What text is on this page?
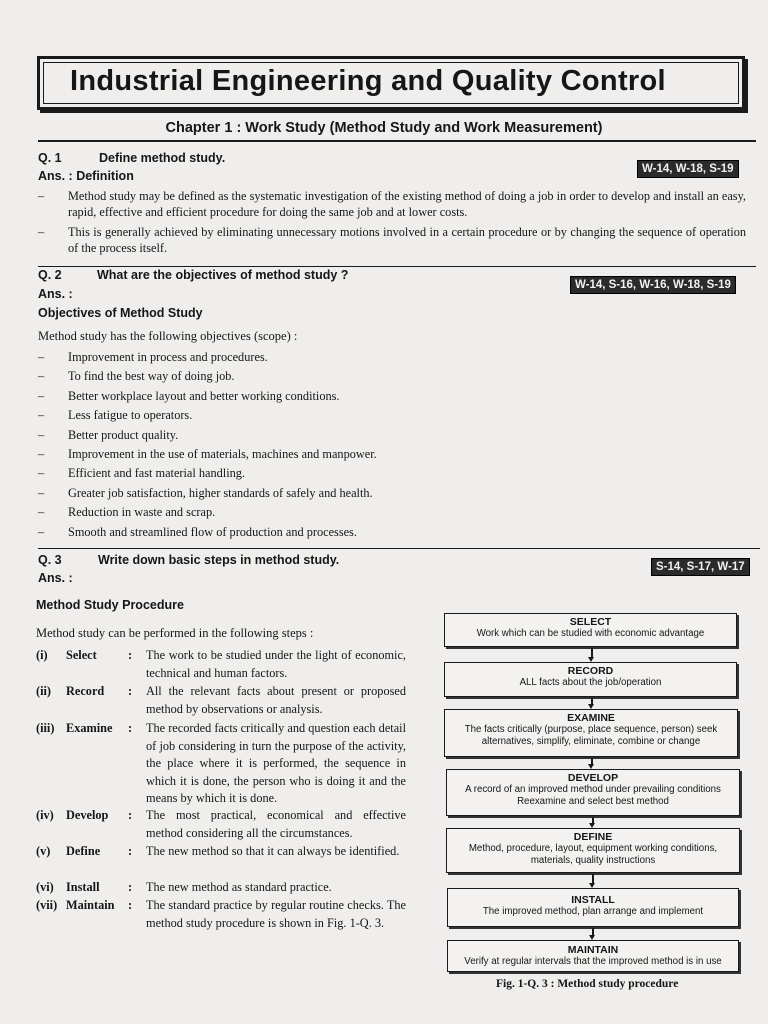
Industrial Engineering and Quality Control
Chapter 1 : Work Study (Method Study and Work Measurement)
Q. 1	Define method study.
W-14, W-18, S-19
Ans. : Definition
– Method study may be defined as the systematic investigation of the existing method of doing a job in order to develop and install an easy, rapid, effective and efficient procedure for doing the same job and at lower costs.
– This is generally achieved by eliminating unnecessary motions involved in a certain procedure or by changing the sequence of operation of the process itself.
Q. 2	What are the objectives of method study ?
W-14, S-16, W-16, W-18, S-19
Ans. :
Objectives of Method Study
Method study has the following objectives (scope) :
– Improvement in process and procedures.
– To find the best way of doing job.
– Better workplace layout and better working conditions.
– Less fatigue to operators.
– Better product quality.
– Improvement in the use of materials, machines and manpower.
– Efficient and fast material handling.
– Greater job satisfaction, higher standards of safely and health.
– Reduction in waste and scrap.
– Smooth and streamlined flow of production and processes.
Q. 3	Write down basic steps in method study.	S-14, S-17, W-17
Ans. :
Method Study Procedure
Method study can be performed in the following steps :
(i) Select	: The work to be studied under the light of economic, technical and human factors.
(ii) Record : All the relevant facts about present or proposed method by observations or analysis.
(iii) Examine : The recorded facts critically and question each detail of job considering in turn the purpose of the activity, the place where it is performed, the sequence in which it is done, the person who is doing it and the means by which it is done.
(iv) Develop : The most practical, economical and effective method considering all the circumstances.
(v) Define : The new method so that it can always be identified.
(vi) Install : The new method as standard practice.
(vii) Maintain : The standard practice by regular routine checks. The method study procedure is shown in Fig. 1-Q. 3.
SELECT
Work which can be studied with economic advantage
RECORD
ALL facts about the job/operation
EXAMINE
The facts critically (purpose, place sequence, person) seek alternatives, simplify, eliminate, combine or change
DEVELOP
A record of an improved method under prevailing conditions Reexamine and select best method
DEFINE
Method, procedure, layout, equipment working conditions, materials, quality instructions
INSTALL
The improved method, plan arrange and implement
MAINTAIN
Verify at regular intervals that the improved method is in use
Fig. 1-Q. 3 : Method study procedure
